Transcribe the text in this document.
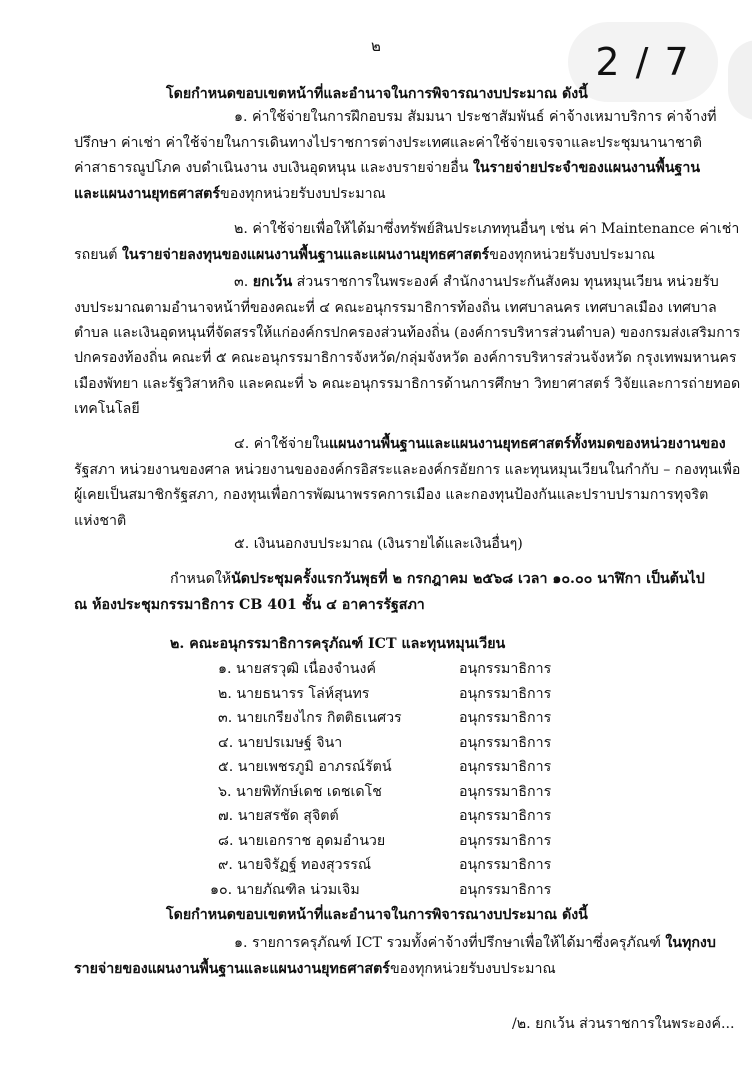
๒	2 / 7
โดยกำหนดขอบเขตหน้าที่และอำนาจในการพิจารณางบประมาณ ดังนี้
๑. ค่าใช้จ่ายในการฝึกอบรม สัมมนา ประชาสัมพันธ์ ค่าจ้างเหมาบริการ ค่าจ้างที่
ปรึกษา ค่าเช่า ค่าใช้จ่ายในการเดินทางไปราชการต่างประเทศและค่าใช้จ่ายเจรจาและประชุมนานาชาติ
ค่าสาธารณูปโภค งบดำเนินงาน งบเงินอุดหนุน และงบรายจ่ายอื่น ในรายจ่ายประจำของแผนงานพื้นฐาน
และแผนงานยุทธศาสตร์ของทุกหน่วยรับงบประมาณ
๒. ค่าใช้จ่ายเพื่อให้ได้มาซึ่งทรัพย์สินประเภททุนอื่นๆ เช่น ค่า Maintenance ค่าเช่า
รถยนต์ ในรายจ่ายลงทุนของแผนงานพื้นฐานและแผนงานยุทธศาสตร์ของทุกหน่วยรับงบประมาณ
๓. ยกเว้น ส่วนราชการในพระองค์ สำนักงานประกันสังคม ทุนหมุนเวียน หน่วยรับ
งบประมาณตามอำนาจหน้าที่ของคณะที่ ๔ คณะอนุกรรมาธิการท้องถิ่น เทศบาลนคร เทศบาลเมือง เทศบาล
ตำบล และเงินอุดหนุนที่จัดสรรให้แก่องค์กรปกครองส่วนท้องถิ่น (องค์การบริหารส่วนตำบล) ของกรมส่งเสริมการ
ปกครองท้องถิ่น คณะที่ ๕ คณะอนุกรรมาธิการจังหวัด/กลุ่มจังหวัด องค์การบริหารส่วนจังหวัด กรุงเทพมหานคร
เมืองพัทยา และรัฐวิสาหกิจ และคณะที่ ๖ คณะอนุกรรมาธิการด้านการศึกษา วิทยาศาสตร์ วิจัยและการถ่ายทอด
เทคโนโลยี
๔. ค่าใช้จ่ายในแผนงานพื้นฐานและแผนงานยุทธศาสตร์ทั้งหมดของหน่วยงานของ
รัฐสภา หน่วยงานของศาล หน่วยงานขององค์กรอิสระและองค์กรอัยการ และทุนหมุนเวียนในกำกับ – กองทุนเพื่อ
ผู้เคยเป็นสมาชิกรัฐสภา, กองทุนเพื่อการพัฒนาพรรคการเมือง และกองทุนป้องกันและปราบปรามการทุจริต
แห่งชาติ
๕. เงินนอกงบประมาณ (เงินรายได้และเงินอื่นๆ)
กำหนดให้นัดประชุมครั้งแรกวันพุธที่ ๒ กรกฎาคม ๒๕๖๘ เวลา ๑๐.๐๐ นาฬิกา เป็นต้นไป
ณ ห้องประชุมกรรมาธิการ CB 401 ชั้น ๔ อาคารรัฐสภา
๒. คณะอนุกรรมาธิการครุภัณฑ์ ICT และทุนหมุนเวียน
๑. นายสรวุฒิ เนื่องจำนงค์	อนุกรรมาธิการ
๒. นายธนารร โล่ห์สุนทร	อนุกรรมาธิการ
๓. นายเกรียงไกร กิตติธเนศวร	อนุกรรมาธิการ
๔. นายปรเมษฐ์ จินา	อนุกรรมาธิการ
๕. นายเพชรภูมิ อาภรณ์รัตน์	อนุกรรมาธิการ
๖. นายพิทักษ์เดช เดชเดโช	อนุกรรมาธิการ
๗. นายสรชัด สุจิตต์	อนุกรรมาธิการ
๘. นายเอกราช อุดมอำนวย	อนุกรรมาธิการ
๙. นายจิรัฏฐ์ ทองสุวรรณ์	อนุกรรมาธิการ
๑๐. นายภัณฑิล น่วมเจิม	อนุกรรมาธิการ
โดยกำหนดขอบเขตหน้าที่และอำนาจในการพิจารณางบประมาณ ดังนี้
๑. รายการครุภัณฑ์ ICT รวมทั้งค่าจ้างที่ปรึกษาเพื่อให้ได้มาซึ่งครุภัณฑ์ ในทุกงบ
รายจ่ายของแผนงานพื้นฐานและแผนงานยุทธศาสตร์ของทุกหน่วยรับงบประมาณ
/๒. ยกเว้น ส่วนราชการในพระองค์...
